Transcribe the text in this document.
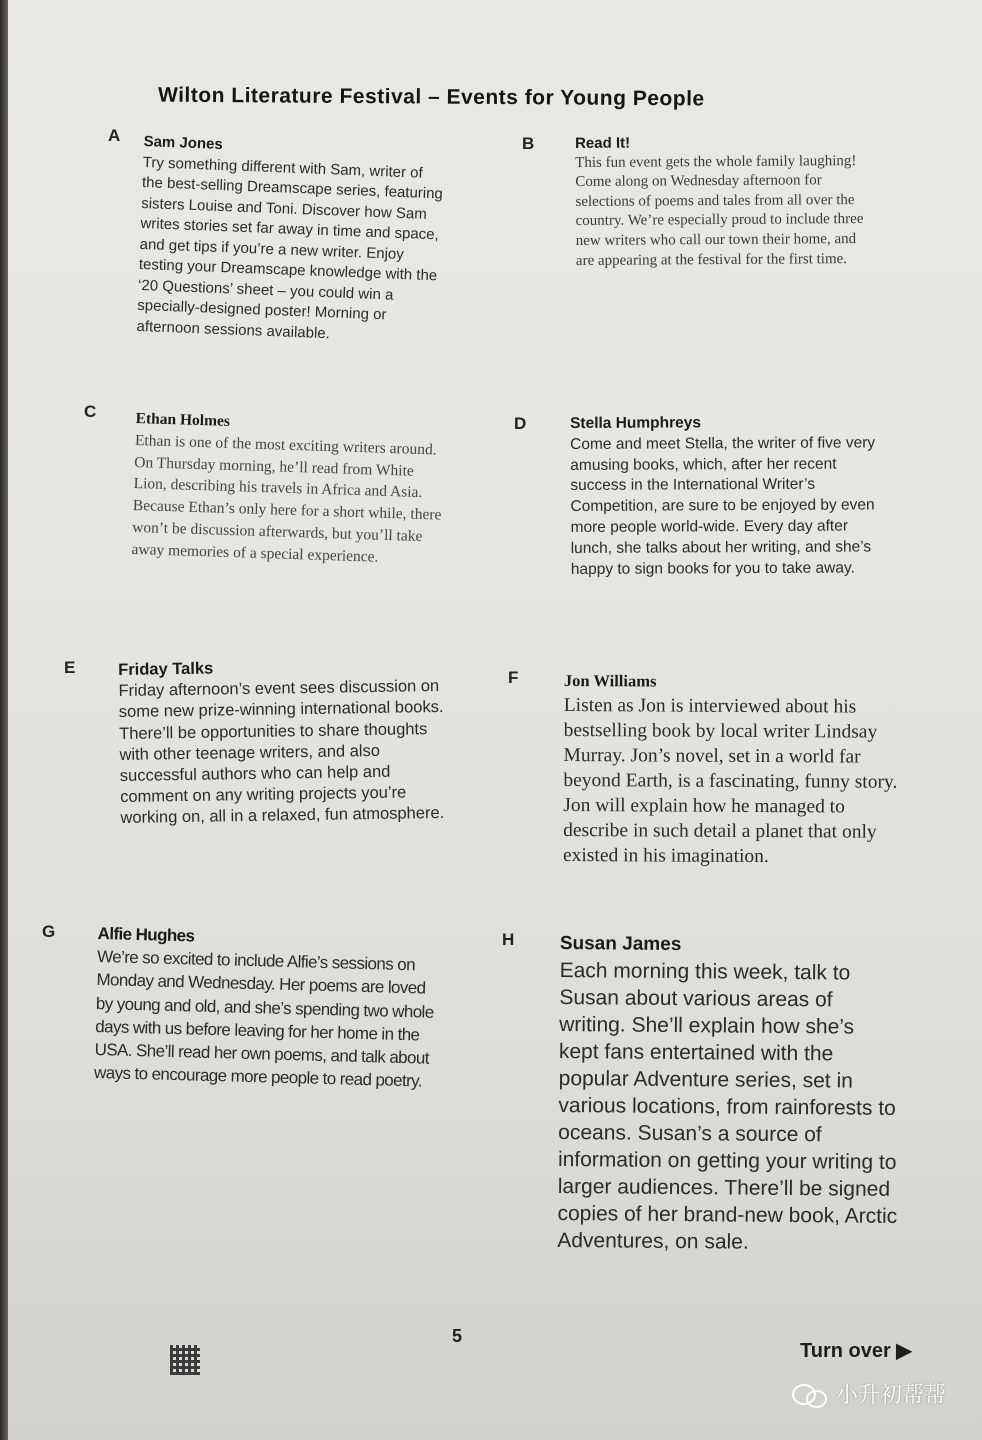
Wilton Literature Festival – Events for Young People
A Sam Jones
Try something different with Sam, writer of the best-selling Dreamscape series, featuring sisters Louise and Toni. Discover how Sam writes stories set far away in time and space, and get tips if you’re a new writer. Enjoy testing your Dreamscape knowledge with the ‘20 Questions’ sheet – you could win a specially-designed poster! Morning or afternoon sessions available.
B	Read It!
This fun event gets the whole family laughing! Come along on Wednesday afternoon for selections of poems and tales from all over the country. We’re especially proud to include three new writers who call our town their home, and are appearing at the festival for the first time.
C	Ethan Holmes
Ethan is one of the most exciting writers around. On Thursday morning, he’ll read from White Lion, describing his travels in Africa and Asia. Because Ethan’s only here for a short while, there won’t be discussion afterwards, but you’ll take away memories of a special experience.
D	Stella Humphreys
Come and meet Stella, the writer of five very amusing books, which, after her recent success in the International Writer’s Competition, are sure to be enjoyed by even more people world-wide. Every day after lunch, she talks about her writing, and she’s happy to sign books for you to take away.
E	Friday Talks
Friday afternoon’s event sees discussion on some new prize-winning international books. There’ll be opportunities to share thoughts with other teenage writers, and also successful authors who can help and comment on any writing projects you’re working on, all in a relaxed, fun atmosphere.
F	Jon Williams
Listen as Jon is interviewed about his bestselling book by local writer Lindsay Murray. Jon’s novel, set in a world far beyond Earth, is a fascinating, funny story. Jon will explain how he managed to describe in such detail a planet that only existed in his imagination.
G Alfie Hughes
We’re so excited to include Alfie’s sessions on Monday and Wednesday. Her poems are loved by young and old, and she’s spending two whole days with us before leaving for her home in the USA. She’ll read her own poems, and talk about ways to encourage more people to read poetry.
H Susan James
Each morning this week, talk to Susan about various areas of writing. She’ll explain how she’s kept fans entertained with the popular Adventure series, set in various locations, from rainforests to oceans. Susan’s a source of information on getting your writing to larger audiences. There’ll be signed copies of her brand-new book, Arctic Adventures, on sale.
5
Turn over ▶
小升初帮帮
